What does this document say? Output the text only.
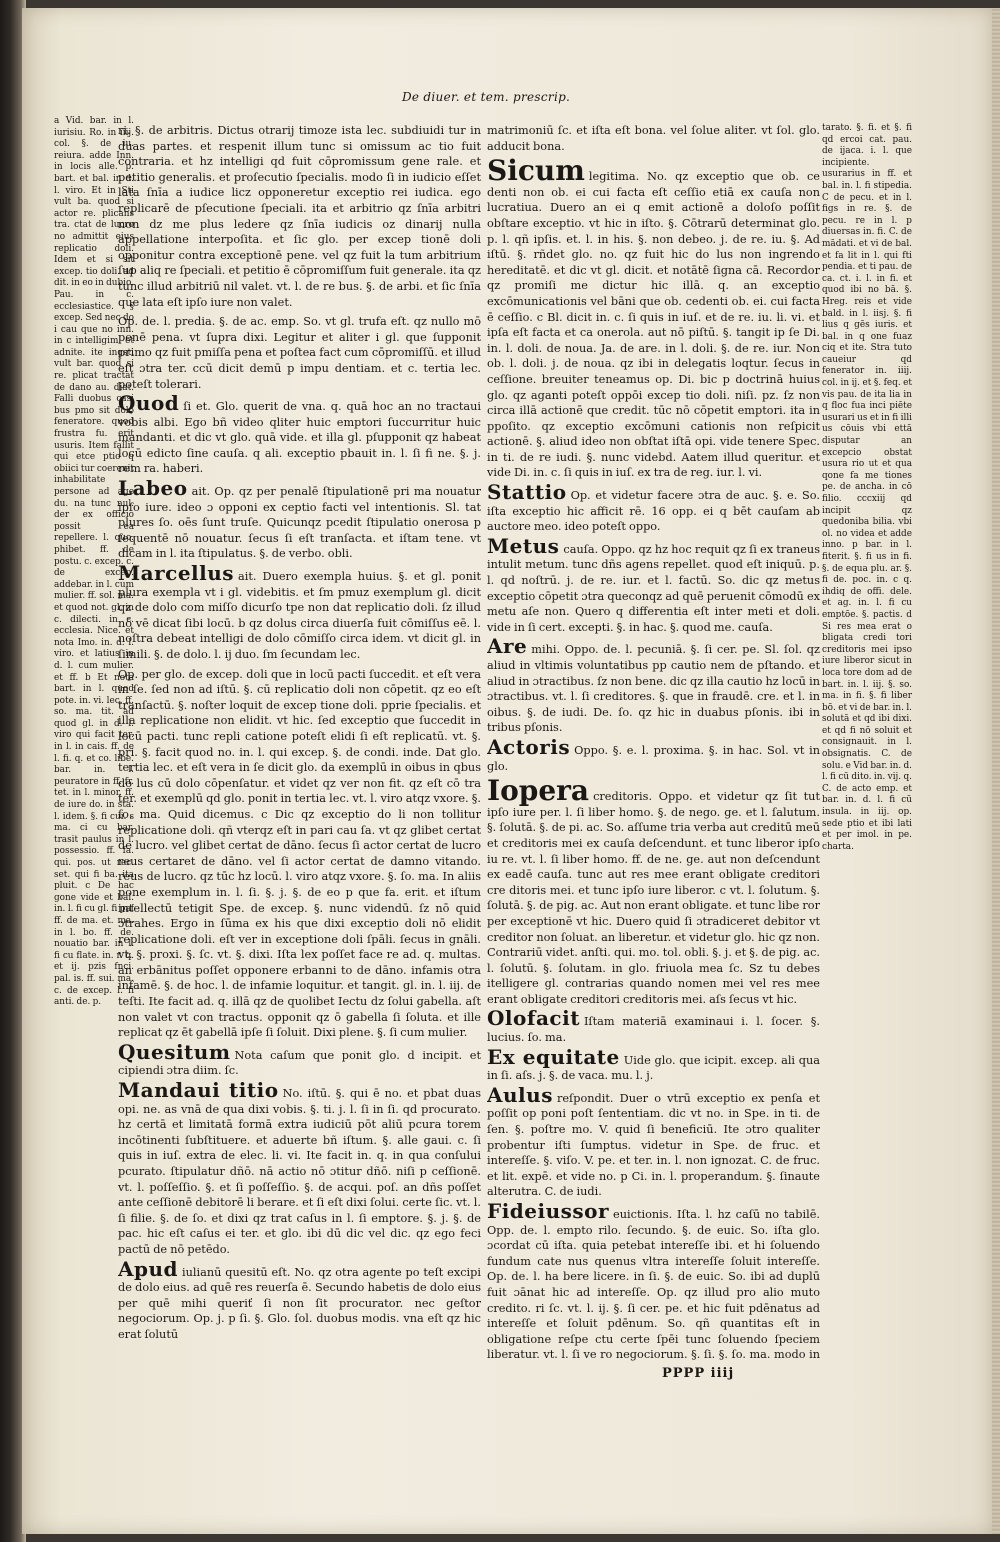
De diuer. et tem. prescrip.

a Vid. bar. in l. iurisiu. Ro. in iiij. col. §. de iu. reiura. adde Inn. in locis alle. p. bart. et bal. in d. l. viro. Et in Sti vult ba. quod si actor re. plicans tra. ctat de lucro no admittit eius replicatio doli. Idem et si sit excep. tio doli. ad dit. in eo in dubio. Pau. in c. ecclesiastice. § excep. Sed nec do i cau que no inn. in c intelligim. et adnite. ite ingsti vult bar. quod si re. plicat tractat de dano au. diat. Falli duobus casi bus pmo sit dolo feneratore. quod frustra fu. erit usuris. Item fallit qui etce ptio q obiici tur coerenit inhabilitate persone ad age du. na tunc nul. der ex officio possit ea repellere. l. quo. phibet. ff. de postu. c. excep. c. de excep. addebar. in l. cum mulier. ff. sol. ma. et quod not. gl. in c. dilecti. in c. ecclesia. Nice. et nota Imo. in. d. l. viro. et latius in d. l. cum mulier. et ff. b Et nota bart. in l. quod pote. in. vi. lec. ff. so. ma. tit. ad quod gl. in d. l. viro qui facit ter. in l. in cais. ff. de l. fi. q. et co. libe. bar. in. l. peuratore in ff. fr. tet. in l. minor. ff. de iure do. in sta. l. idem. §. fi cui. s ma. ci cu bar. trasit paulus in l. possessio. ff. fa. qui. pos. ut rec. set. qui fi ba. ita pluit. c De hac gone vide et bal. in. l. fi cu gl. fi paf ff. de ma. et. ma. in l. bo. ff. de. nouatio bar. in l. fi cu flate. in. r. q. et ij. pzis fnci. pal. is. ff. sui. ma. c. de excep. l. fi anti. de. p.

ri. §. de arbitris. Dictus otrarij timoze ista lec. subdiuidi tur in duas partes. et respenit illum tunc si omissum ac tio fuit contraria. et hz intelligi qd fuit cōpromissum gene rale. et petitio generalis. et proſecutio ſpecialis. modo ſi in iudicio eſſet lata ſnīa a iudice licz opponeretur exceptio rei iudica. ego replicarē de pſecutione ſpeciali. ita et arbitrio qz ſnīa arbitri non dz me plus ledere qz ſnīa iudicis oz dinarij nulla appellatione interpoſita. et ſic glo. per excep tionē doli opponitur contra exceptionē pene. vel qz fuit la tum arbitrium ſup aliq re ſpeciali. et petitio ē cōpromiſſum fuit generale. ita qz tunc illud arbitriū nil valet. vt. l. de re bus. §. de arbi. et ſic ſnīa que lata eſt ipſo iure non valet.

Op. de. l. predia. §. de ac. emp. So. vt gl. trufa eſt. qz nullo mō penē pena. vt ſupra dixi. Legitur et aliter i gl. que ſupponit primo qz fuit pmiſſa pena et poſtea fact cum cōpromiſſū. et illud eſt ɔtra ter. ccū dicit demū p impu dentiam. et c. tertia lec. poteſt tolerari.

Quod ſi et. Glo. querit de vna. q. quā hoc an no tractaui vobis albi. Ego bñ video qliter huic emptori ſuccurritur huic mandanti. et dic vt glo. quā vide. et illa gl. pſupponit qz habeat locū edicto ſine cauſa. q ali. exceptio pbauit in. l. ſi fi ne. §. j. rem ra. haberi.

Labeo ait. Op. qz per penalē ſtipulationē pri ma nouatur ipſo iure. ideo ɔ opponi ex ceptio facti vel intentionis. Sl. tat plures ſo. oēs ſunt truſe. Quicunqz pcedit ſtipulatio onerosa p ſequentē nō nouatur. ſecus ſi eſt tranſacta. et iſtam tene. vt dicam in l. ita ſtipulatus. §. de verbo. obli.

Marcellus ait. Duero exempla huius. §. et gl. ponit plura exempla vt i gl. videbitis. et ſm pmuz exemplum gl. dicit qz de dolo com miſſo dicurſo tpe non dat replicatio doli. ſz illud nō vē dicat ſibi locū. b qz dolus circa diuerſa fuit cōmiſſus eē. l. noſtra debeat intelligi de dolo cōmiſſo circa idem. vt dicit gl. in ſimili. §. de dolo. l. ij duo. ſm ſecundam lec.

Op. per glo. de excep. doli que in locū pacti ſuccedit. et eſt vera in ſe. ſed non ad iſtū. §. cū replicatio doli non cōpetit. qz eo eſt tranſactū. §. noſter loquit de excep tione doli. pprie ſpecialis. et illa replicatione non elidit. vt hic. ſed exceptio que ſuccedit in locū pacti. tunc repli catione poteſt elidi ſi eſt replicatū. vt. §. pri. §. facit quod no. in. l. qui excep. §. de condi. inde. Dat glo. tertia lec. et eſt vera in ſe dicit glo. da exemplū in oibus in qbus do lus cū dolo cōpenſatur. et videt qz ver non fit. qz eſt cō tra ter. et exemplū qd glo. ponit in tertia lec. vt. l. viro atqz vxore. §. ſo. ma. Quid dicemus. c Dic qz exceptio do li non tollitur replicatione doli. qñ vterqz eſt in pari cau ſa. vt qz glibet certat de lucro. vel glibet certat de dāno. ſecus ſi actor certat de lucro reus certaret de dāno. vel ſi actor certat de damno vitando. reus de lucro. qz tūc hz locū. l. viro atqz vxore. §. ſo. ma. In aliis pone exemplum in. l. ſi. §. j. §. de eo p que fa. erit. et iſtum intellectū tetigit Spe. de excep. §. nunc videndū. ſz nō quid ɔtrahes. Ergo in ſūma ex his que dixi exceptio doli nō elidit replicatione doli. eſt ver in exceptione doli ſpāli. ſecus in gnāli. vt. §. proxi. §. ſc. vt. §. dixi. Iſta lex poſſet face re ad. q. multas. an erbānitus poſſet opponere erbanni to de dāno. infamis otra infamē. §. de hoc. l. de infamie loquitur. et tangit. gl. in. l. iij. de teſti. Ite facit ad. q. illā qz de quolibet Iectu dz ſolui gabella. aſt non valet vt con tractus. opponit qz ō gabella ſi ſoluta. et ille replicat qz ēt gabellā ipſe ſi ſoluit. Dixi plene. §. ſi cum mulier.

Quesitum Nota caſum que ponit glo. d incipit. et cipiendi ɔtra diim. ſc.

Mandaui titio No. iſtū. §. qui ē no. et pbat duas opi. ne. as vnā de qua dixi vobis. §. ti. j. l. ſi in ſi. qd procurato. hz certā et limitatā formā extra iudiciū pōt aliū pcura torem incōtinenti ſubſtituere. et aduerte bñ iſtum. §. alle gaui. c. ſi quis in iuſ. extra de elec. li. vi. Ite facit in. q. in qua conſului pcurato. ſtipulatur dñō. nā actio nō ɔtitur dñō. niſi p ceſſionē. vt. l. poſſeſſio. §. et ſi poſſeſſio. §. de acqui. poſ. an dñs poſſet ante ceſſionē debitorē li berare. et ſi eſt dixi ſolui. certe ſic. vt. l. ſi filie. §. de ſo. et dixi qz trat caſus in l. ſi emptore. §. j. §. de pac. hic eſt caſus ei ter. et glo. ibi dū dic vel dic. qz ego feci pactū de nō petēdo.

Apud iulianū quesitū eſt. No. qz otra agente po teſt excipi de dolo eius. ad quē res reuerſa ē. Secundo habetis de dolo eius per quē mihi queriť ſi non ſit procurator. nec geſtor negociorum. Op. j. p ſi. §. Glo. ſol. duobus modis. vna eſt qz hic erat ſolutū

matrimoniū ſc. et iſta eſt bona. vel ſolue aliter. vt ſol. glo. adducit bona.

Sicum legitima. No. qz exceptio que ob. ce denti non ob. ei cui facta eſt ceſſio etiā ex cauſa non lucratiua. Duero an ei q emit actionē a doloſo poſſit obſtare exceptio. vt hic in iſto. §. Cōtrarū determinat glo. p. l. qñ ipſis. et. l. in his. §. non debeo. j. de re. iu. §. Ad iſtū. §. rñdet glo. no. qz fuit hic do lus non ingrendo hereditatē. et dic vt gl. dicit. et notātē ſigna cā. Recordor qz promiſi me dictur hic illā. q. an exceptio excōmunicationis vel bāni que ob. cedenti ob. ei. cui facta ē ceſſio. c Bl. dicit in. c. ſi quis in iuſ. et de re. iu. li. vi. et ipſa eſt facta et ca onerola. aut nō piſtū. §. tangit ip ſe Di. in. l. doli. de noua. Ja. de are. in l. doli. §. de re. iur. Non ob. l. doli. j. de noua. qz ibi in delegatis loqtur. ſecus in ceſſione. breuiter teneamus op. Di. bic p doctrinā huius glo. qz aganti poteſt oppōi excep tio doli. niſi. pz. ſz non circa illā actionē que credit. tūc nō cōpetit emptori. ita in ppoſito. qz exceptio excōmuni cationis non reſpicit actionē. §. aliud ideo non obſtat iſtā opi. vide tenere Spec. in ti. de re iudi. §. nunc videbd. Aatem illud queritur. et vide Di. in. c. ſi quis in iuſ. ex tra de reg. iur. l. vi.

Stattio Op. et videtur facere ɔtra de auc. §. e. So. iſta exceptio hic afficit rē. 16 opp. ei q bēt cauſam ab auctore meo. ideo poteſt oppo.

Metus cauſa. Oppo. qz hz hoc requit qz ſi ex traneus intulit metum. tunc dñs agens repellet. quod eſt iniquū. p. l. qd noſtrū. j. de re. iur. et l. factū. So. dic qz metus exceptio cōpetit ɔtra queconqz ad quē peruenit cōmodū ex metu aſe non. Quero q differentia eſt inter meti et doli. vide in ſi cert. excepti. §. in hac. §. quod me. cauſa.

Are mihi. Oppo. de. l. pecuniā. §. ſi cer. pe. Sl. ſol. qz aliud in vltimis voluntatibus pp cautio nem de pſtando. et aliud in ɔtractibus. ſz non bene. dic qz illa cautio hz locū in ɔtractibus. vt. l. ſi creditores. §. que in fraudē. cre. et l. in oibus. §. de iudi. De. ſo. qz hic in duabus pſonis. ibi in tribus pſonis.

Actoris Oppo. §. e. l. proxima. §. in hac. Sol. vt in glo.

Iopera creditoris. Oppo. et videtur qz ſit tut ipſo iure per. l. ſi liber homo. §. de nego. ge. et l. ſalutum. §. ſolutā. §. de pi. ac. So. aſſume tria verba aut creditū meū et creditoris mei ex cauſa deſcendunt. et tunc liberor ipſo iu re. vt. l. ſi liber homo. ff. de ne. ge. aut non deſcendunt ex eadē cauſa. tunc aut res mee erant obligate creditori cre ditoris mei. et tunc ipſo iure liberor. c vt. l. ſolutum. §. ſolutā. §. de pig. ac. Aut non erant obligate. et tunc libe ror per exceptionē vt hic. Duero quid ſi ɔtradiceret debitor vt creditor non ſoluat. an liberetur. et videtur glo. hic qz non. Contrariū videt. anſti. qui. mo. tol. obli. §. j. et §. de pig. ac. l. ſolutū. §. ſolutam. in glo. friuola mea ſc. Sz tu debes itelligere gl. contrarias quando nomen mei vel res mee erant obligate creditori creditoris mei. aſs ſecus vt hic.

Olofacit Iſtam materiā examinaui i. l. ſocer. §. lucius. ſo. ma.

Ex equitate Uide glo. que icipit. excep. ali qua in ſi. aſs. j. §. de vaca. mu. l. j.

Aulus reſpondit. Duer o vtrū exceptio ex penſa et poſſit op poni poſt ſententiam. dic vt no. in Spe. in ti. de ſen. §. poſtre mo. V. quid ſi beneficiū. Ite ɔtro qualiter probentur iſti ſumptus. videtur in Spe. de fruc. et intereſſe. §. viſo. V. pe. et ter. in. l. non ignozat. C. de fruc. et lit. expē. et vide no. p Ci. in. l. properandum. §. ſinaute alterutra. C. de iudi.

Fideiussor euictionis. Iſta. l. hz caſū no tabilē. Opp. de. l. empto rilo. ſecundo. §. de euic. So. iſta glo. ɔcordat cū iſta. quia petebat intereſſe ibi. et hi ſoluendo fundum cate nus quenus vltra intereſſe ſoluit intereſſe. Op. de. l. ha bere licere. in ſi. §. de euic. So. ibi ad duplū fuit ɔānat hic ad intereſſe. Op. qz illud pro alio muto credito. ri ſc. vt. l. ij. §. ſi cer. pe. et hic fuit pdēnatus ad intereſſe et ſoluit pdēnum. So. qñ quantitas eſt in obligatione reſpe ctu certe ſpēi tunc ſoluendo ſpeciem liberatur. vt. l. ſi ve ro negociorum. §. ſi. §. ſo. ma. modo in

tarato. §. fi. et §. fi qd ercoi cat. pau. de ijaca. i. l. que incipiente. usurarius in ff. et bal. in. l. fi stipedia. C de pecu. et in l. figs in re. §. de pecu. re in l. p diuersas in. fi. C. de mādati. et vi de bal. et fa lit in l. qui fti pendia. et ti pau. de ca. ct. i. l. in fi. et quod ibi no bā. §. Hreg. reis et vide bald. in l. iisj. §. fi lius q gēs iuris. et bal. in q one fuaz ciq et ite. Stra tuto caueiur qd fenerator in. iiij. col. in ij. et §. feq. et vis pau. de ita lia in q floc fua inci piēte usurari us et in fi illi us cōuis vbi ettā disputar an excepcio obstat usura rio ut et qua qone fa me tiones pe. de ancha. in cō filio. cccxiij qd incipit qz quedoniba bilia. vbi ol. no videa et adde inno. p bar. in l. fiterit. §. fi us in fi. §. de equa plu. ar. §. fi de. poc. in. c q. ihdiq de offi. dele. et ag. in. l. fi cu emptōe. §. pactis. d Si res mea erat o bligata credi tori creditoris mei ipso iure liberor sicut in loca tore dom ad de bart. in. l. iij. §. so. ma. in fi. §. fi liber bō. et vi de bar. in. l. solutā et qd ibi dixi. et qd fi nō soluit et consignauit. in l. obsignatis. C. de solu. e Vid bar. in. d. l. fi cū dito. in. vij. q. C. de acto emp. et bar. in. d. l. fi cū insula. in iij. op. sede ptio et ibi lati et per imol. in pe. charta.

PPPP iiij
